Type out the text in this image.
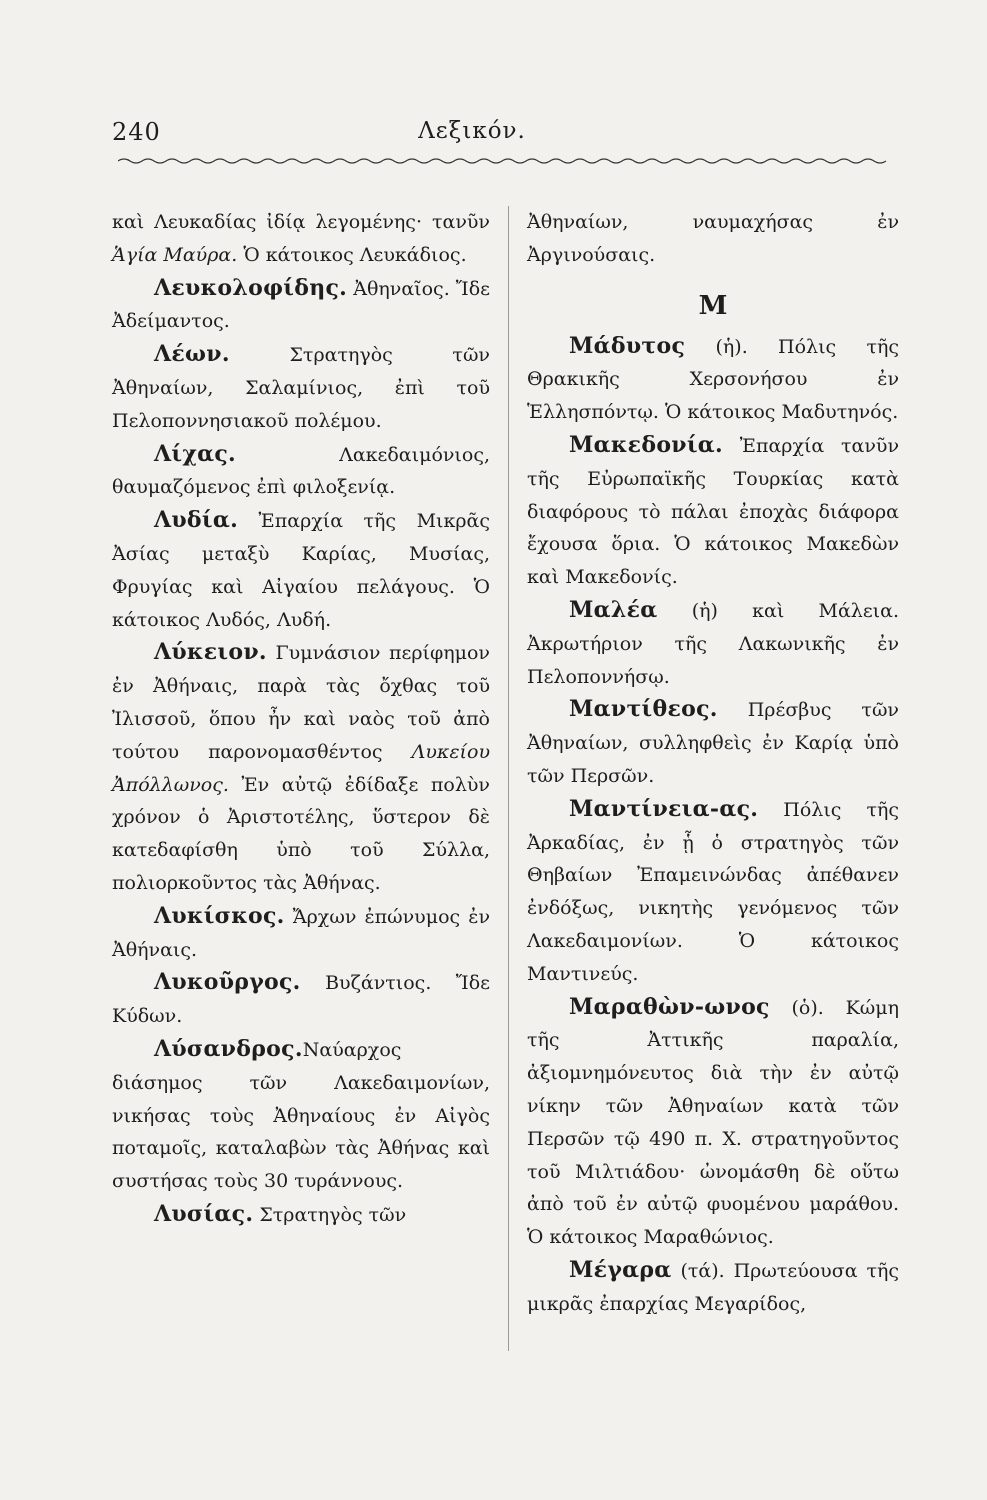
240	Λεξικόν.

καὶ Λευκαδίας ἰδίᾳ λεγομένης· τανῦν Ἁγία Μαύρα. Ὁ κάτοικος Λευκάδιος.

Λευκολοφίδης. Ἀθηναῖος. Ἴδε Ἀδείμαντος.

Λέων. Στρατηγὸς τῶν Ἀθηναίων, Σαλαμίνιος, ἐπὶ τοῦ Πελοποννησιακοῦ πολέμου.

Λίχας. Λακεδαιμόνιος, θαυμαζόμενος ἐπὶ φιλοξενίᾳ.

Λυδία. Ἐπαρχία τῆς Μικρᾶς Ἀσίας μεταξὺ Καρίας, Μυσίας, Φρυγίας καὶ Αἰγαίου πελάγους. Ὁ κάτοικος Λυδός, Λυδή.

Λύκειον. Γυμνάσιον περίφημον ἐν Ἀθήναις, παρὰ τὰς ὄχθας τοῦ Ἰλισσοῦ, ὅπου ἦν καὶ ναὸς τοῦ ἀπὸ τούτου παρονομασθέντος Λυκείου Ἀπόλλωνος. Ἐν αὐτῷ ἐδίδαξε πολὺν χρόνον ὁ Ἀριστοτέλης, ὕστερον δὲ κατεδαφίσθη ὑπὸ τοῦ Σύλλα, πολιορκοῦντος τὰς Ἀθήνας.

Λυκίσκος. Ἄρχων ἐπώνυμος ἐν Ἀθήναις.

Λυκοῦργος. Βυζάντιος. Ἴδε Κύδων.

Λύσανδρος.Ναύαρχος διάσημος τῶν Λακεδαιμονίων, νικήσας τοὺς Ἀθηναίους ἐν Αἰγὸς ποταμοῖς, καταλαβὼν τὰς Ἀθήνας καὶ συστήσας τοὺς 30 τυράννους.

Λυσίας. Στρατηγὸς τῶν

Ἀθηναίων, ναυμαχήσας ἐν Ἀργινούσαις.

M

Μάδυτος (ἡ). Πόλις τῆς Θρακικῆς Χερσονήσου ἐν Ἑλλησπόντῳ. Ὁ κάτοικος Μαδυτηνός.

Μακεδονία. Ἐπαρχία τανῦν τῆς Εὐρωπαϊκῆς Τουρκίας κατὰ διαφόρους τὸ πάλαι ἐποχὰς διάφορα ἔχουσα ὅρια. Ὁ κάτοικος Μακεδὼν καὶ Μακεδονίς.

Μαλέα (ἡ) καὶ Μάλεια. Ἀκρωτήριον τῆς Λακωνικῆς ἐν Πελοποννήσῳ.

Μαντίθεος. Πρέσβυς τῶν Ἀθηναίων, συλληφθεὶς ἐν Καρίᾳ ὑπὸ τῶν Περσῶν.

Μαντίνεια-ας. Πόλις τῆς Ἀρκαδίας, ἐν ᾗ ὁ στρατηγὸς τῶν Θηβαίων Ἐπαμεινώνδας ἀπέθανεν ἐνδόξως, νικητὴς γενόμενος τῶν Λακεδαιμονίων. Ὁ κάτοικος Μαντινεύς.

Μαραθὼν-ωνος (ὁ). Κώμη τῆς Ἀττικῆς παραλία, ἀξιομνημόνευτος διὰ τὴν ἐν αὐτῷ νίκην τῶν Ἀθηναίων κατὰ τῶν Περσῶν τῷ 490 π. Χ. στρατηγοῦντος τοῦ Μιλτιάδου· ὠνομάσθη δὲ οὕτω ἀπὸ τοῦ ἐν αὐτῷ φυομένου μαράθου. Ὁ κάτοικος Μαραθώνιος.

Μέγαρα (τά). Πρωτεύουσα τῆς μικρᾶς ἐπαρχίας Μεγαρίδος,
